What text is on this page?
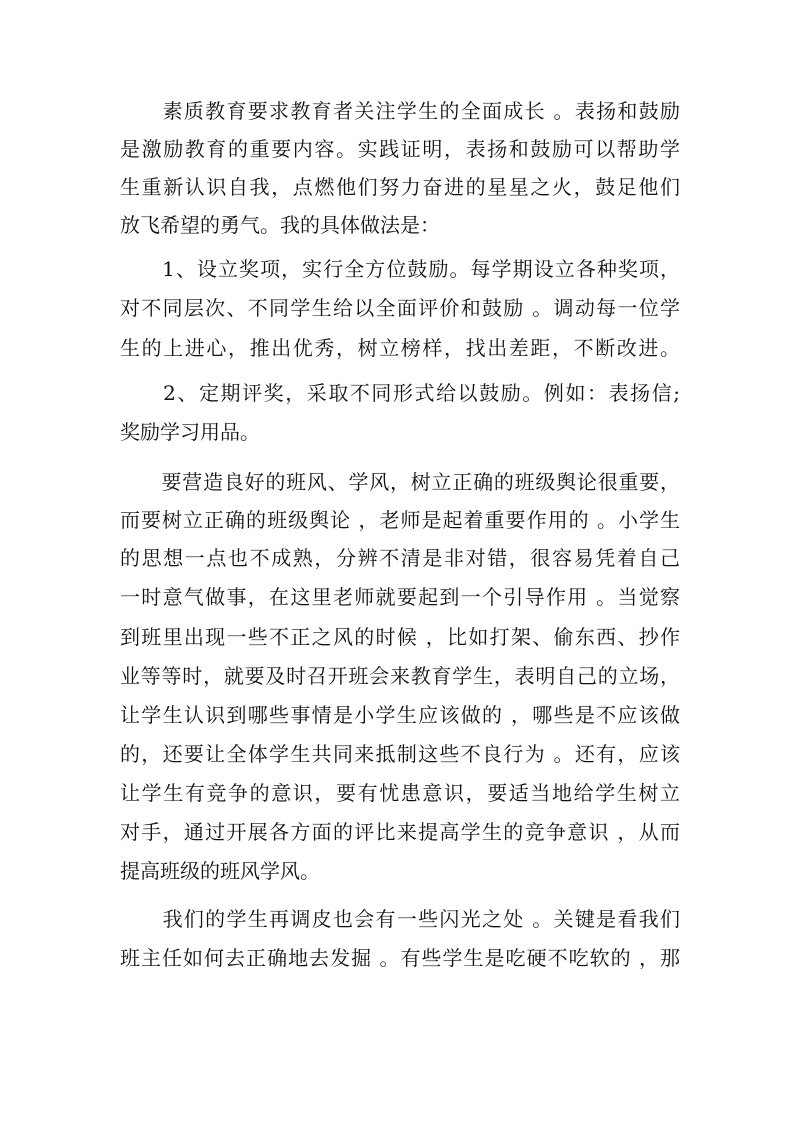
　　素质教育要求教育者关注学生的全面成长 。表扬和鼓励
是激励教育的重要内容。实践证明，表扬和鼓励可以帮助学
生重新认识自我，点燃他们努力奋进的星星之火，鼓足他们
放飞希望的勇气。我的具体做法是：
　　1、设立奖项，实行全方位鼓励。每学期设立各种奖项，
对不同层次、不同学生给以全面评价和鼓励 。调动每一位学
生的上进心，推出优秀，树立榜样，找出差距，不断改进。
　　2、定期评奖，采取不同形式给以鼓励。例如：表扬信;
奖励学习用品。
　　要营造良好的班风、学风，树立正确的班级舆论很重要，
而要树立正确的班级舆论 ，老师是起着重要作用的 。小学生
的思想一点也不成熟，分辨不清是非对错，很容易凭着自己
一时意气做事，在这里老师就要起到一个引导作用 。当觉察
到班里出现一些不正之风的时候 ，比如打架、偷东西、抄作
业等等时，就要及时召开班会来教育学生，表明自己的立场，
让学生认识到哪些事情是小学生应该做的 ，哪些是不应该做
的，还要让全体学生共同来抵制这些不良行为 。还有，应该
让学生有竞争的意识，要有忧患意识，要适当地给学生树立
对手，通过开展各方面的评比来提高学生的竞争意识 ，从而
提高班级的班风学风。
　　我们的学生再调皮也会有一些闪光之处 。关键是看我们
班主任如何去正确地去发掘 。有些学生是吃硬不吃软的 ，那
